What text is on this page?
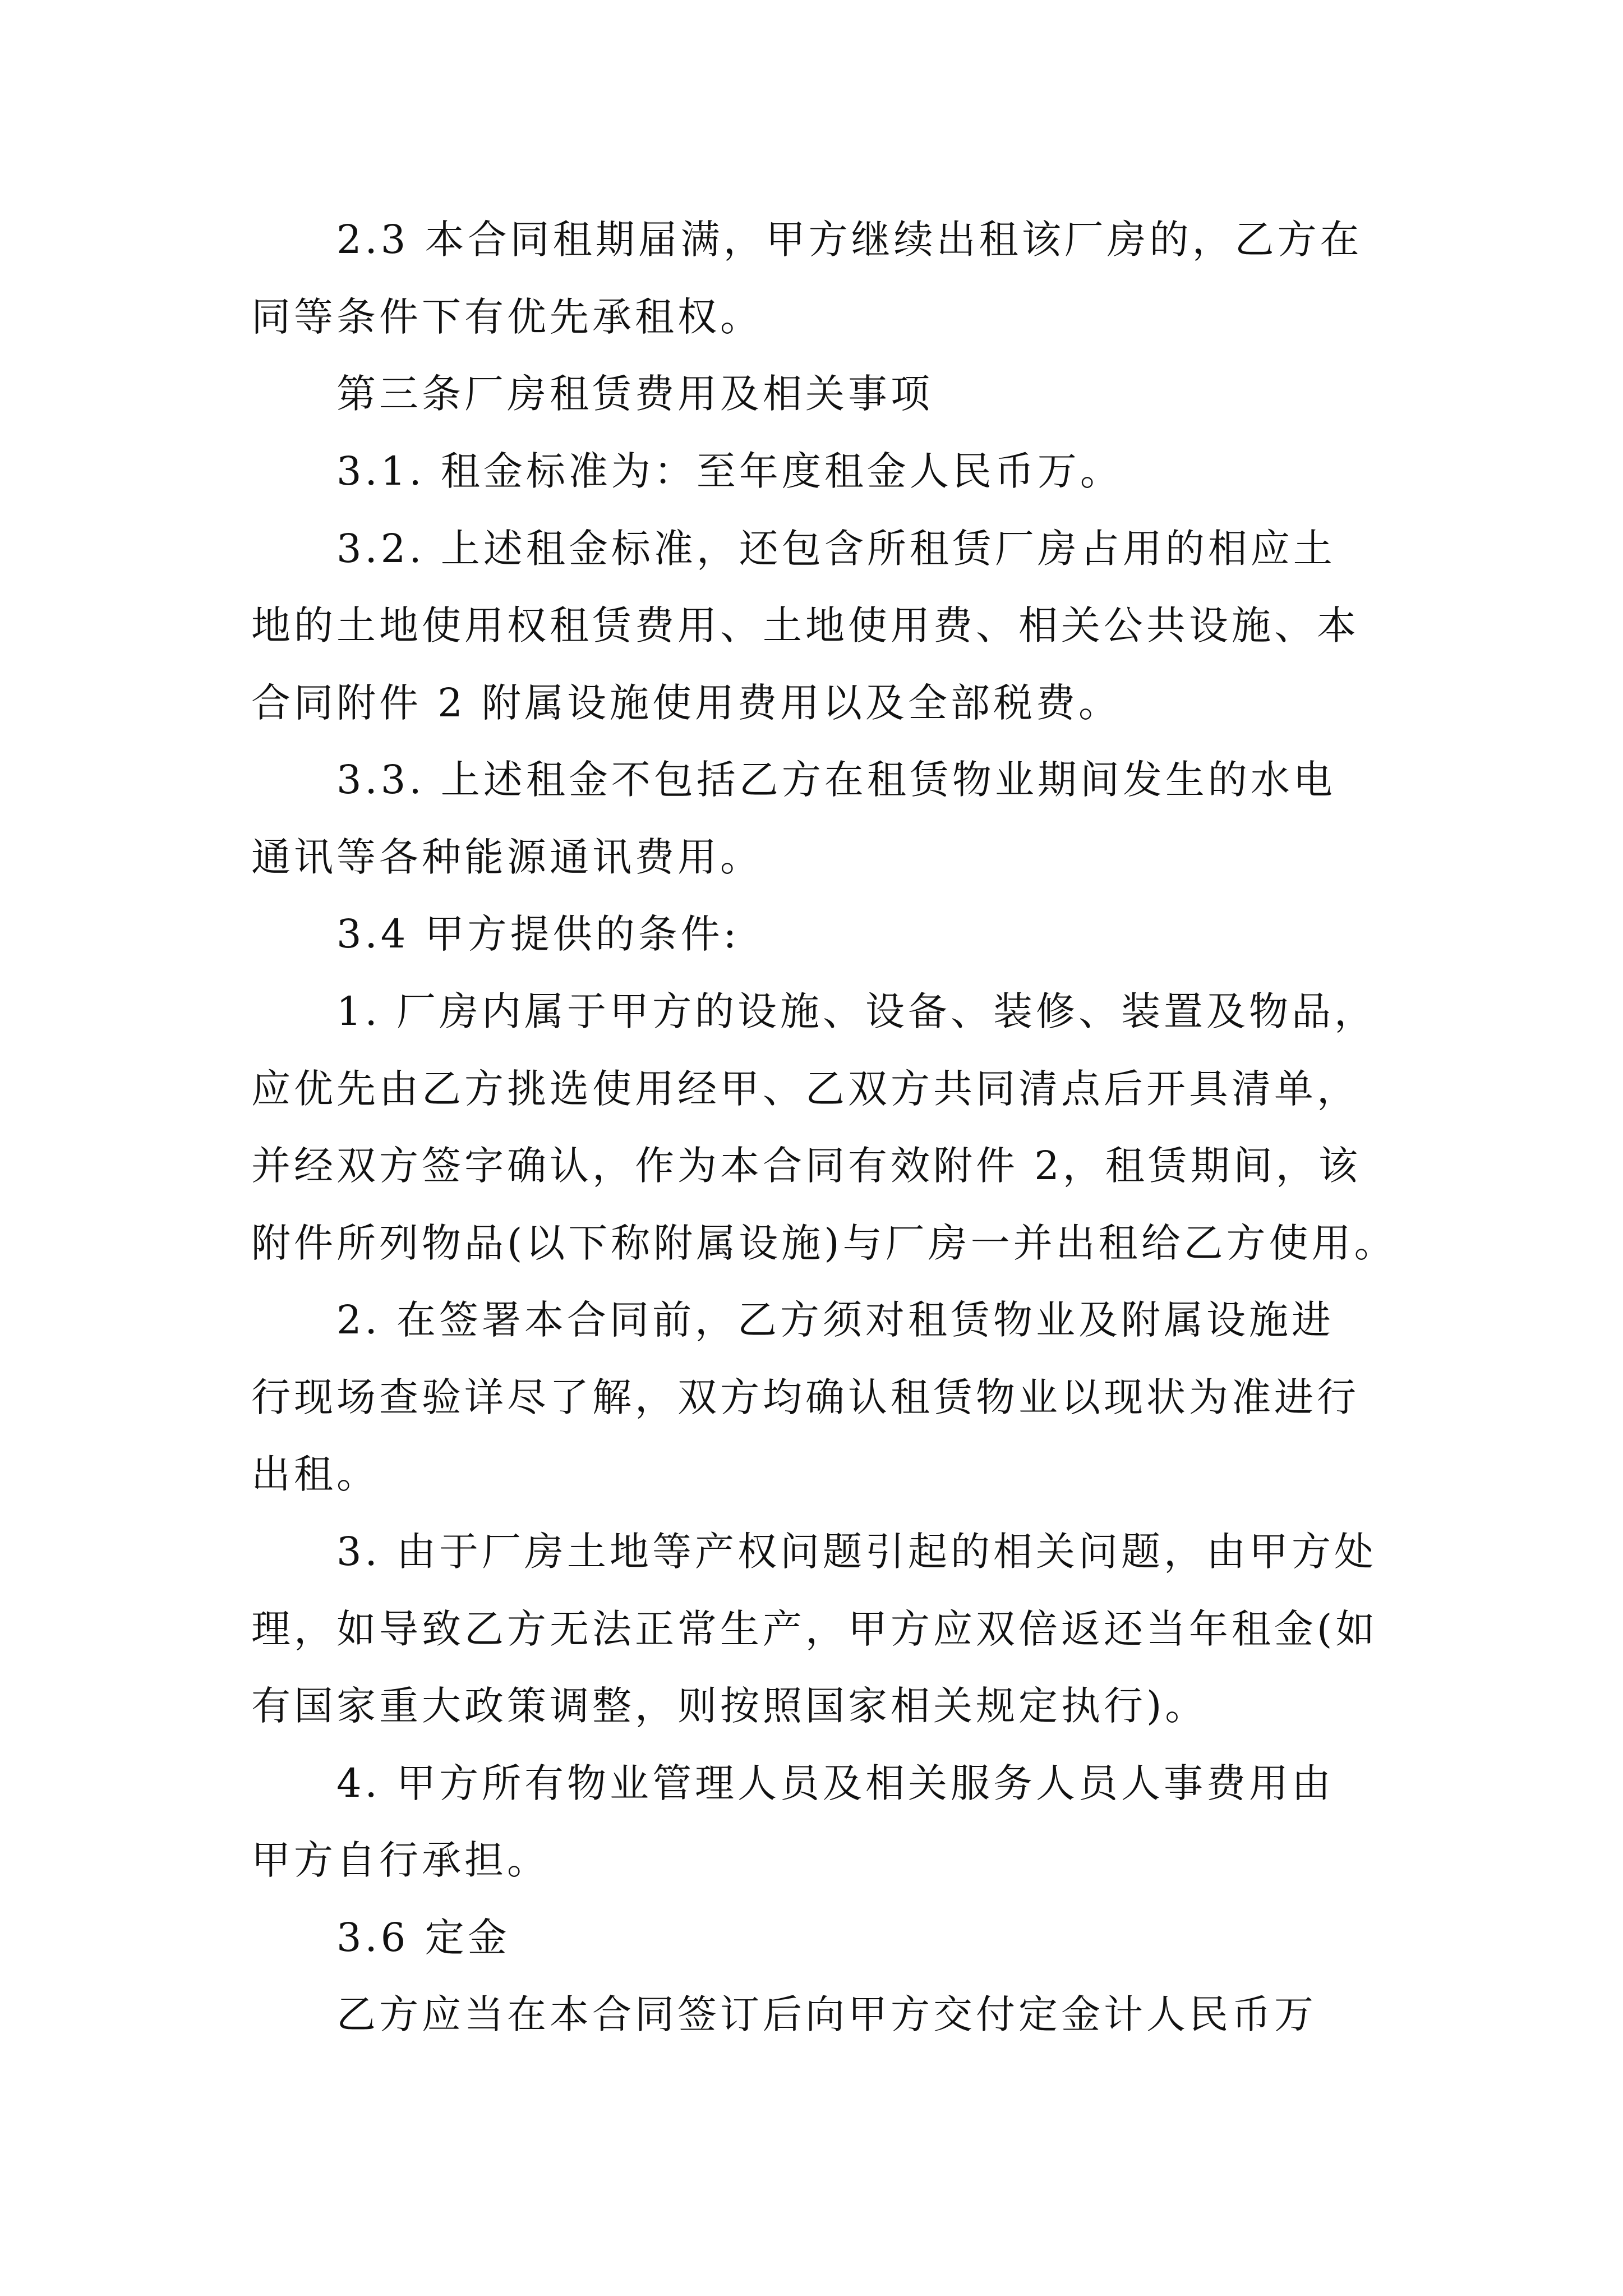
2.3 本合同租期届满，甲方继续出租该厂房的，乙方在
同等条件下有优先承租权。
第三条厂房租赁费用及相关事项
3.1. 租金标准为：至年度租金人民币万。
3.2. 上述租金标准，还包含所租赁厂房占用的相应土
地的土地使用权租赁费用、土地使用费、相关公共设施、本
合同附件 2 附属设施使用费用以及全部税费。
3.3. 上述租金不包括乙方在租赁物业期间发生的水电
通讯等各种能源通讯费用。
3.4 甲方提供的条件:
1. 厂房内属于甲方的设施、设备、装修、装置及物品，
应优先由乙方挑选使用经甲、乙双方共同清点后开具清单，
并经双方签字确认，作为本合同有效附件 2，租赁期间，该
附件所列物品(以下称附属设施)与厂房一并出租给乙方使用。
2. 在签署本合同前，乙方须对租赁物业及附属设施进
行现场查验详尽了解，双方均确认租赁物业以现状为准进行
出租。
3. 由于厂房土地等产权问题引起的相关问题，由甲方处
理，如导致乙方无法正常生产，甲方应双倍返还当年租金(如
有国家重大政策调整，则按照国家相关规定执行)。
4. 甲方所有物业管理人员及相关服务人员人事费用由
甲方自行承担。
3.6 定金
乙方应当在本合同签订后向甲方交付定金计人民币万
